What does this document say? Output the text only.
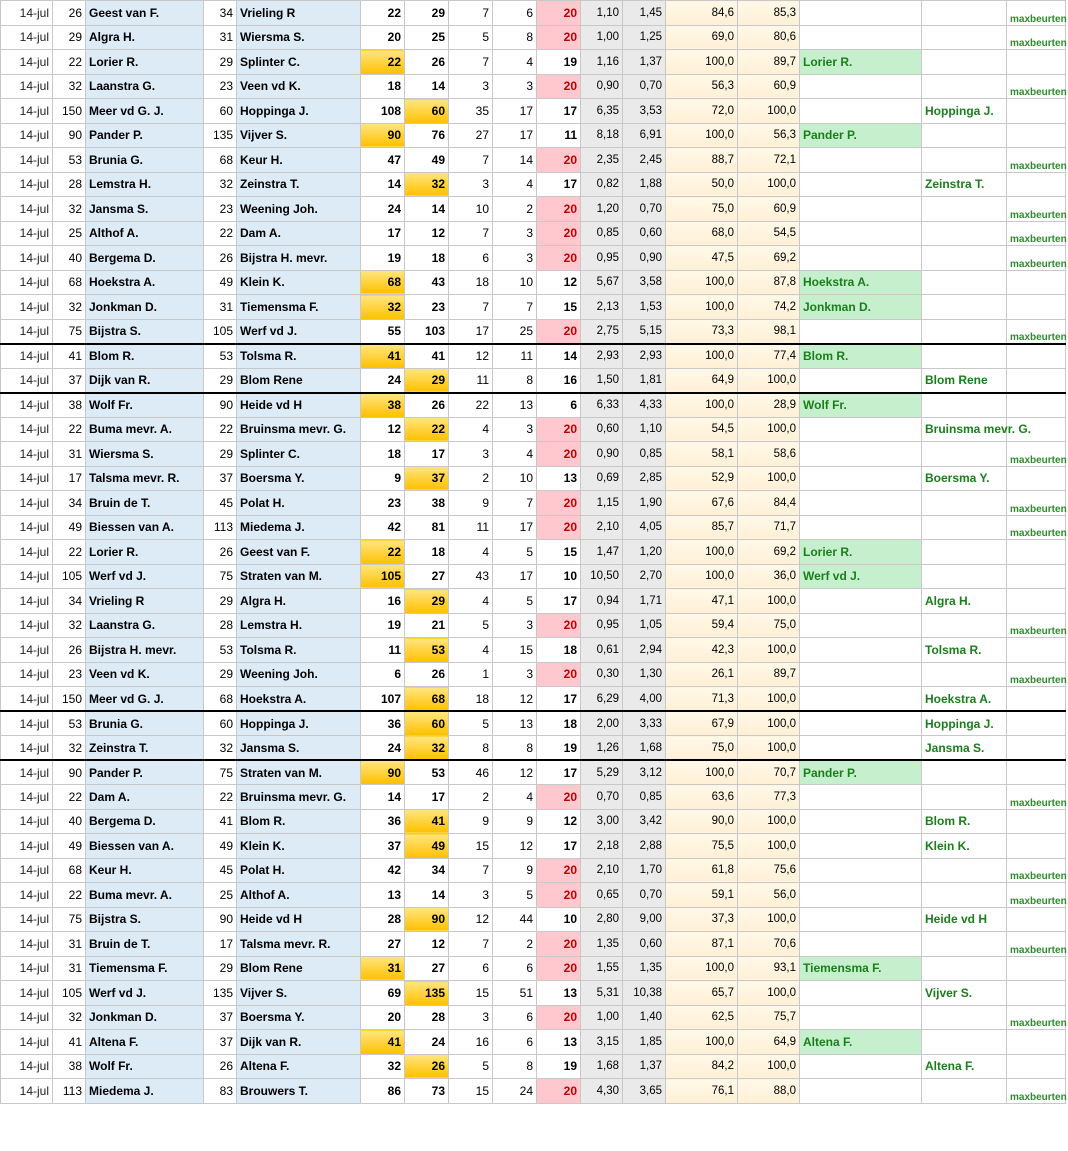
14-jul	26	Geest van F.	34	Vrieling R	22	29	7	6	20	1,10	1,45	84,6	85,3			maxbeurten
14-jul	29	Algra H.	31	Wiersma S.	20	25	5	8	20	1,00	1,25	69,0	80,6			maxbeurten
14-jul	22	Lorier R.	29	Splinter C.	22	26	7	4	19	1,16	1,37	100,0	89,7	Lorier R.		
14-jul	32	Laanstra G.	23	Veen vd K.	18	14	3	3	20	0,90	0,70	56,3	60,9			maxbeurten
14-jul	150	Meer vd G. J.	60	Hoppinga J.	108	60	35	17	17	6,35	3,53	72,0	100,0		Hoppinga J.	
14-jul	90	Pander P.	135	Vijver S.	90	76	27	17	11	8,18	6,91	100,0	56,3	Pander P.		
14-jul	53	Brunia G.	68	Keur H.	47	49	7	14	20	2,35	2,45	88,7	72,1			maxbeurten
14-jul	28	Lemstra H.	32	Zeinstra T.	14	32	3	4	17	0,82	1,88	50,0	100,0		Zeinstra T.	
14-jul	32	Jansma S.	23	Weening Joh.	24	14	10	2	20	1,20	0,70	75,0	60,9			maxbeurten
14-jul	25	Althof A.	22	Dam A.	17	12	7	3	20	0,85	0,60	68,0	54,5			maxbeurten
14-jul	40	Bergema D.	26	Bijstra H. mevr.	19	18	6	3	20	0,95	0,90	47,5	69,2			maxbeurten
14-jul	68	Hoekstra A.	49	Klein K.	68	43	18	10	12	5,67	3,58	100,0	87,8	Hoekstra A.		
14-jul	32	Jonkman D.	31	Tiemensma F.	32	23	7	7	15	2,13	1,53	100,0	74,2	Jonkman D.		
14-jul	75	Bijstra S.	105	Werf vd J.	55	103	17	25	20	2,75	5,15	73,3	98,1			maxbeurten
14-jul	41	Blom R.	53	Tolsma R.	41	41	12	11	14	2,93	2,93	100,0	77,4	Blom R.		
14-jul	37	Dijk van R.	29	Blom Rene	24	29	11	8	16	1,50	1,81	64,9	100,0		Blom Rene	
14-jul	38	Wolf Fr.	90	Heide vd H	38	26	22	13	6	6,33	4,33	100,0	28,9	Wolf Fr.		
14-jul	22	Buma mevr. A.	22	Bruinsma mevr. G.	12	22	4	3	20	0,60	1,10	54,5	100,0		Bruinsma mevr. G.	
14-jul	31	Wiersma S.	29	Splinter C.	18	17	3	4	20	0,90	0,85	58,1	58,6			maxbeurten
14-jul	17	Talsma mevr. R.	37	Boersma Y.	9	37	2	10	13	0,69	2,85	52,9	100,0		Boersma Y.	
14-jul	34	Bruin de T.	45	Polat H.	23	38	9	7	20	1,15	1,90	67,6	84,4			maxbeurten
14-jul	49	Biessen van A.	113	Miedema J.	42	81	11	17	20	2,10	4,05	85,7	71,7			maxbeurten
14-jul	22	Lorier R.	26	Geest van F.	22	18	4	5	15	1,47	1,20	100,0	69,2	Lorier R.		
14-jul	105	Werf vd J.	75	Straten van M.	105	27	43	17	10	10,50	2,70	100,0	36,0	Werf vd J.		
14-jul	34	Vrieling R	29	Algra H.	16	29	4	5	17	0,94	1,71	47,1	100,0		Algra H.	
14-jul	32	Laanstra G.	28	Lemstra H.	19	21	5	3	20	0,95	1,05	59,4	75,0			maxbeurten
14-jul	26	Bijstra H. mevr.	53	Tolsma R.	11	53	4	15	18	0,61	2,94	42,3	100,0		Tolsma R.	
14-jul	23	Veen vd K.	29	Weening Joh.	6	26	1	3	20	0,30	1,30	26,1	89,7			maxbeurten
14-jul	150	Meer vd G. J.	68	Hoekstra A.	107	68	18	12	17	6,29	4,00	71,3	100,0		Hoekstra A.	
14-jul	53	Brunia G.	60	Hoppinga J.	36	60	5	13	18	2,00	3,33	67,9	100,0		Hoppinga J.	
14-jul	32	Zeinstra T.	32	Jansma S.	24	32	8	8	19	1,26	1,68	75,0	100,0		Jansma S.	
14-jul	90	Pander P.	75	Straten van M.	90	53	46	12	17	5,29	3,12	100,0	70,7	Pander P.		
14-jul	22	Dam A.	22	Bruinsma mevr. G.	14	17	2	4	20	0,70	0,85	63,6	77,3			maxbeurten
14-jul	40	Bergema D.	41	Blom R.	36	41	9	9	12	3,00	3,42	90,0	100,0		Blom R.	
14-jul	49	Biessen van A.	49	Klein K.	37	49	15	12	17	2,18	2,88	75,5	100,0		Klein K.	
14-jul	68	Keur H.	45	Polat H.	42	34	7	9	20	2,10	1,70	61,8	75,6			maxbeurten
14-jul	22	Buma mevr. A.	25	Althof A.	13	14	3	5	20	0,65	0,70	59,1	56,0			maxbeurten
14-jul	75	Bijstra S.	90	Heide vd H	28	90	12	44	10	2,80	9,00	37,3	100,0		Heide vd H	
14-jul	31	Bruin de T.	17	Talsma mevr. R.	27	12	7	2	20	1,35	0,60	87,1	70,6			maxbeurten
14-jul	31	Tiemensma F.	29	Blom Rene	31	27	6	6	20	1,55	1,35	100,0	93,1	Tiemensma F.		
14-jul	105	Werf vd J.	135	Vijver S.	69	135	15	51	13	5,31	10,38	65,7	100,0		Vijver S.	
14-jul	32	Jonkman D.	37	Boersma Y.	20	28	3	6	20	1,00	1,40	62,5	75,7			maxbeurten
14-jul	41	Altena F.	37	Dijk van R.	41	24	16	6	13	3,15	1,85	100,0	64,9	Altena F.		
14-jul	38	Wolf Fr.	26	Altena F.	32	26	5	8	19	1,68	1,37	84,2	100,0		Altena F.	
14-jul	113	Miedema J.	83	Brouwers T.	86	73	15	24	20	4,30	3,65	76,1	88,0			maxbeurten
